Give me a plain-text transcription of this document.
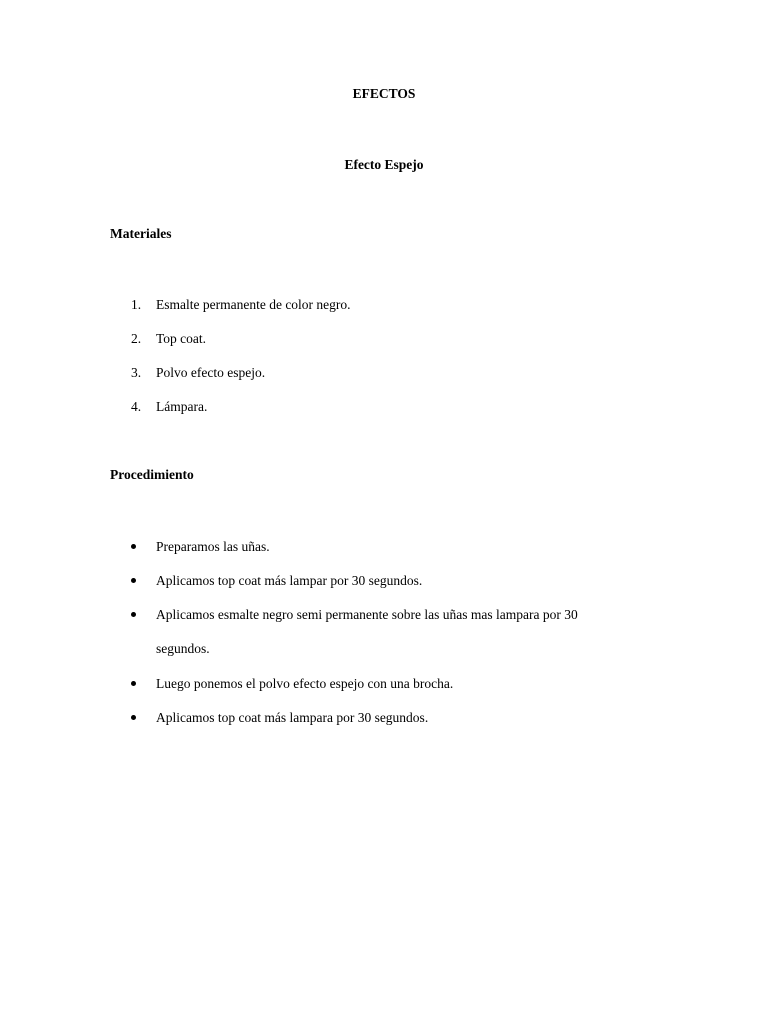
EFECTOS
Efecto Espejo
Materiales
1. Esmalte permanente de color negro.
2. Top coat.
3. Polvo efecto espejo.
4. Lámpara.
Procedimiento
Preparamos las uñas.
Aplicamos top coat más lampar por 30 segundos.
Aplicamos esmalte negro semi permanente sobre las uñas mas lampara por 30
segundos.
Luego ponemos el polvo efecto espejo con una brocha.
Aplicamos top coat más lampara por 30 segundos.
